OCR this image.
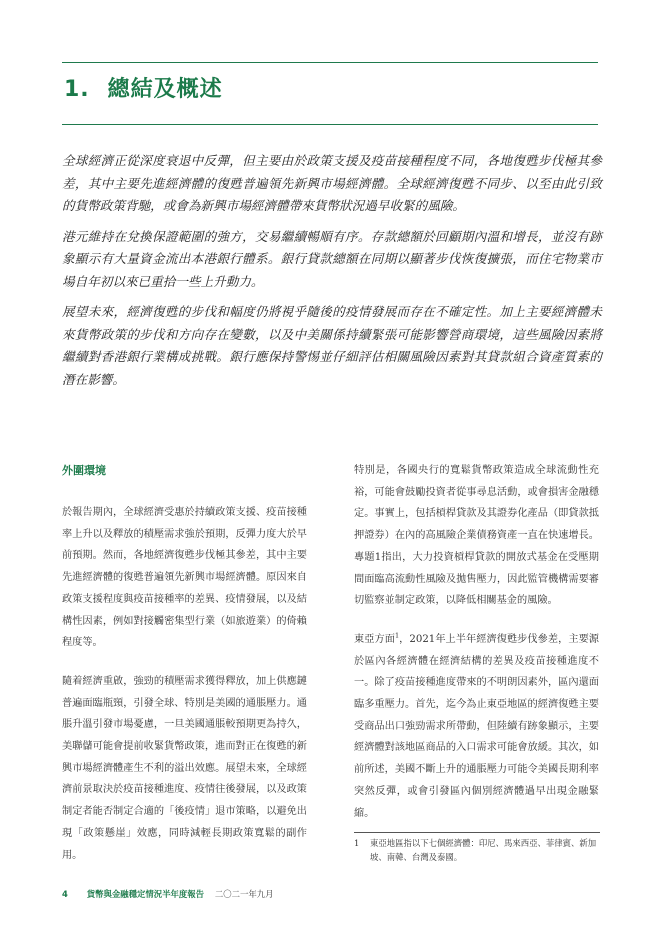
1. 總結及概述

全球經濟正從深度衰退中反彈，但主要由於政策支援及疫苗接種程度不同，各地復甦步伐極其參差，其中主要先進經濟體的復甦普遍領先新興市場經濟體。全球經濟復甦不同步、以至由此引致的貨幣政策背馳，或會為新興市場經濟體帶來貨幣狀況過早收緊的風險。

港元維持在兌換保證範圍的強方，交易繼續暢順有序。存款總額於回顧期內溫和增長，並沒有跡象顯示有大量資金流出本港銀行體系。銀行貸款總額在同期以顯著步伐恢復擴張，而住宅物業市場自年初以來已重拾一些上升動力。

展望未來，經濟復甦的步伐和幅度仍將視乎隨後的疫情發展而存在不確定性。加上主要經濟體未來貨幣政策的步伐和方向存在變數，以及中美關係持續緊張可能影響營商環境，這些風險因素將繼續對香港銀行業構成挑戰。銀行應保持警惕並仔細評估相關風險因素對其貸款組合資產質素的潛在影響。

外圍環境

於報告期內，全球經濟受惠於持續政策支援、疫苗接種率上升以及釋放的積壓需求強於預期，反彈力度大於早前預期。然而，各地經濟復甦步伐極其參差，其中主要先進經濟體的復甦普遍領先新興市場經濟體。原因來自政策支援程度與疫苗接種率的差異、疫情發展，以及結構性因素，例如對接觸密集型行業（如旅遊業）的倚賴程度等。

隨着經濟重啟，強勁的積壓需求獲得釋放，加上供應鏈普遍面臨瓶頸，引發全球、特別是美國的通脹壓力。通脹升溫引發市場憂慮，一旦美國通脹較預期更為持久，美聯儲可能會提前收緊貨幣政策，進而對正在復甦的新興市場經濟體產生不利的溢出效應。展望未來，全球經濟前景取決於疫苗接種進度、疫情往後發展，以及政策制定者能否制定合適的「後疫情」退市策略，以避免出現「政策懸崖」效應，同時減輕長期政策寬鬆的副作用。

特別是，各國央行的寬鬆貨幣政策造成全球流動性充裕，可能會鼓勵投資者從事尋息活動，或會損害金融穩定。事實上，包括槓桿貸款及其證券化產品（即貸款抵押證券）在內的高風險企業債務資產一直在快速增長。專題1指出，大力投資槓桿貸款的開放式基金在受壓期間面臨高流動性風險及拋售壓力，因此監管機構需要審切監察並制定政策，以降低相關基金的風險。

東亞方面$^1$，2021年上半年經濟復甦步伐參差，主要源於區內各經濟體在經濟結構的差異及疫苗接種進度不一。除了疫苗接種進度帶來的不明朗因素外，區內還面臨多重壓力。首先，迄今為止東亞地區的經濟復甦主要受商品出口強勁需求所帶動，但陸續有跡象顯示，主要經濟體對該地區商品的入口需求可能會放緩。其次，如前所述，美國不斷上升的通脹壓力可能令美國長期利率突然反彈，或會引發區內個別經濟體過早出現金融緊縮。

1	東亞地區指以下七個經濟體：印尼、馬來西亞、菲律賓、新加坡、南韓、台灣及泰國。
4 貨幣與金融穩定情況半年度報告 二〇二一年九月
